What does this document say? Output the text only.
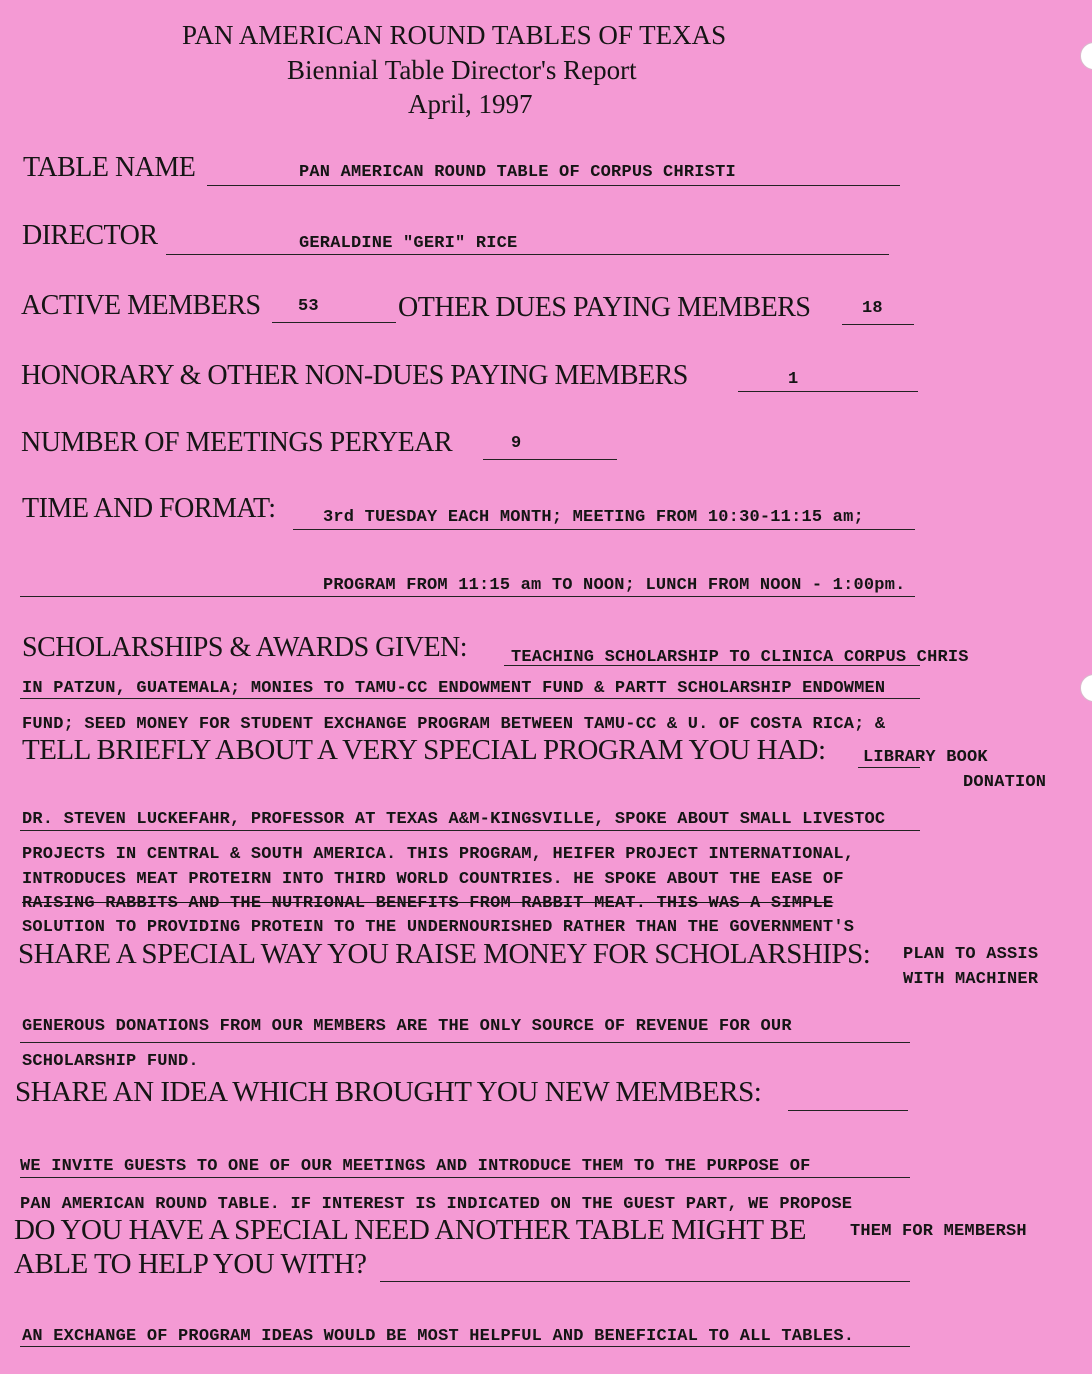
PAN AMERICAN ROUND TABLES OF TEXAS
Biennial Table Director's Report
April, 1997
TABLE NAME	PAN AMERICAN ROUND TABLE OF CORPUS CHRISTI
DIRECTOR	GERALDINE "GERI" RICE
ACTIVE MEMBERS 53	OTHER DUES PAYING MEMBERS	18
HONORARY & OTHER NON-DUES PAYING MEMBERS	1
NUMBER OF MEETINGS PERYEAR	9
TIME AND FORMAT:	3rd TUESDAY EACH MONTH; MEETING FROM 10:30-11:15 am;
PROGRAM FROM 11:15 am TO NOON; LUNCH FROM NOON - 1:00pm.
SCHOLARSHIPS & AWARDS GIVEN:	TEACHING SCHOLARSHIP TO CLINICA CORPUS CHRIS
IN PATZUN, GUATEMALA; MONIES TO TAMU-CC ENDOWMENT FUND & PARTT SCHOLARSHIP ENDOWMEN
FUND; SEED MONEY FOR STUDENT EXCHANGE PROGRAM BETWEEN TAMU-CC & U. OF COSTA RICA; &
TELL BRIEFLY ABOUT A VERY SPECIAL PROGRAM YOU HAD: LIBRARY BOOK
DONATION
DR. STEVEN LUCKEFAHR, PROFESSOR AT TEXAS A&M-KINGSVILLE, SPOKE ABOUT SMALL LIVESTOC
PROJECTS IN CENTRAL & SOUTH AMERICA. THIS PROGRAM, HEIFER PROJECT INTERNATIONAL,
INTRODUCES MEAT PROTEIRN INTO THIRD WORLD COUNTRIES. HE SPOKE ABOUT THE EASE OF
RAISING RABBITS AND THE NUTRIONAL BENEFITS FROM RABBIT MEAT. THIS WAS A SIMPLE
SOLUTION TO PROVIDING PROTEIN TO THE UNDERNOURISHED RATHER THAN THE GOVERNMENT'S
SHARE A SPECIAL WAY YOU RAISE MONEY FOR SCHOLARSHIPS: PLAN TO ASSIS
WITH MACHINER
GENEROUS DONATIONS FROM OUR MEMBERS ARE THE ONLY SOURCE OF REVENUE FOR OUR
SCHOLARSHIP FUND.
SHARE AN IDEA WHICH BROUGHT YOU NEW MEMBERS:
WE INVITE GUESTS TO ONE OF OUR MEETINGS AND INTRODUCE THEM TO THE PURPOSE OF
PAN AMERICAN ROUND TABLE. IF INTEREST IS INDICATED ON THE GUEST PART, WE PROPOSE
DO YOU HAVE A SPECIAL NEED ANOTHER TABLE MIGHT BE	THEM FOR MEMBERSH
ABLE TO HELP YOU WITH?
AN EXCHANGE OF PROGRAM IDEAS WOULD BE MOST HELPFUL AND BENEFICIAL TO ALL TABLES.
